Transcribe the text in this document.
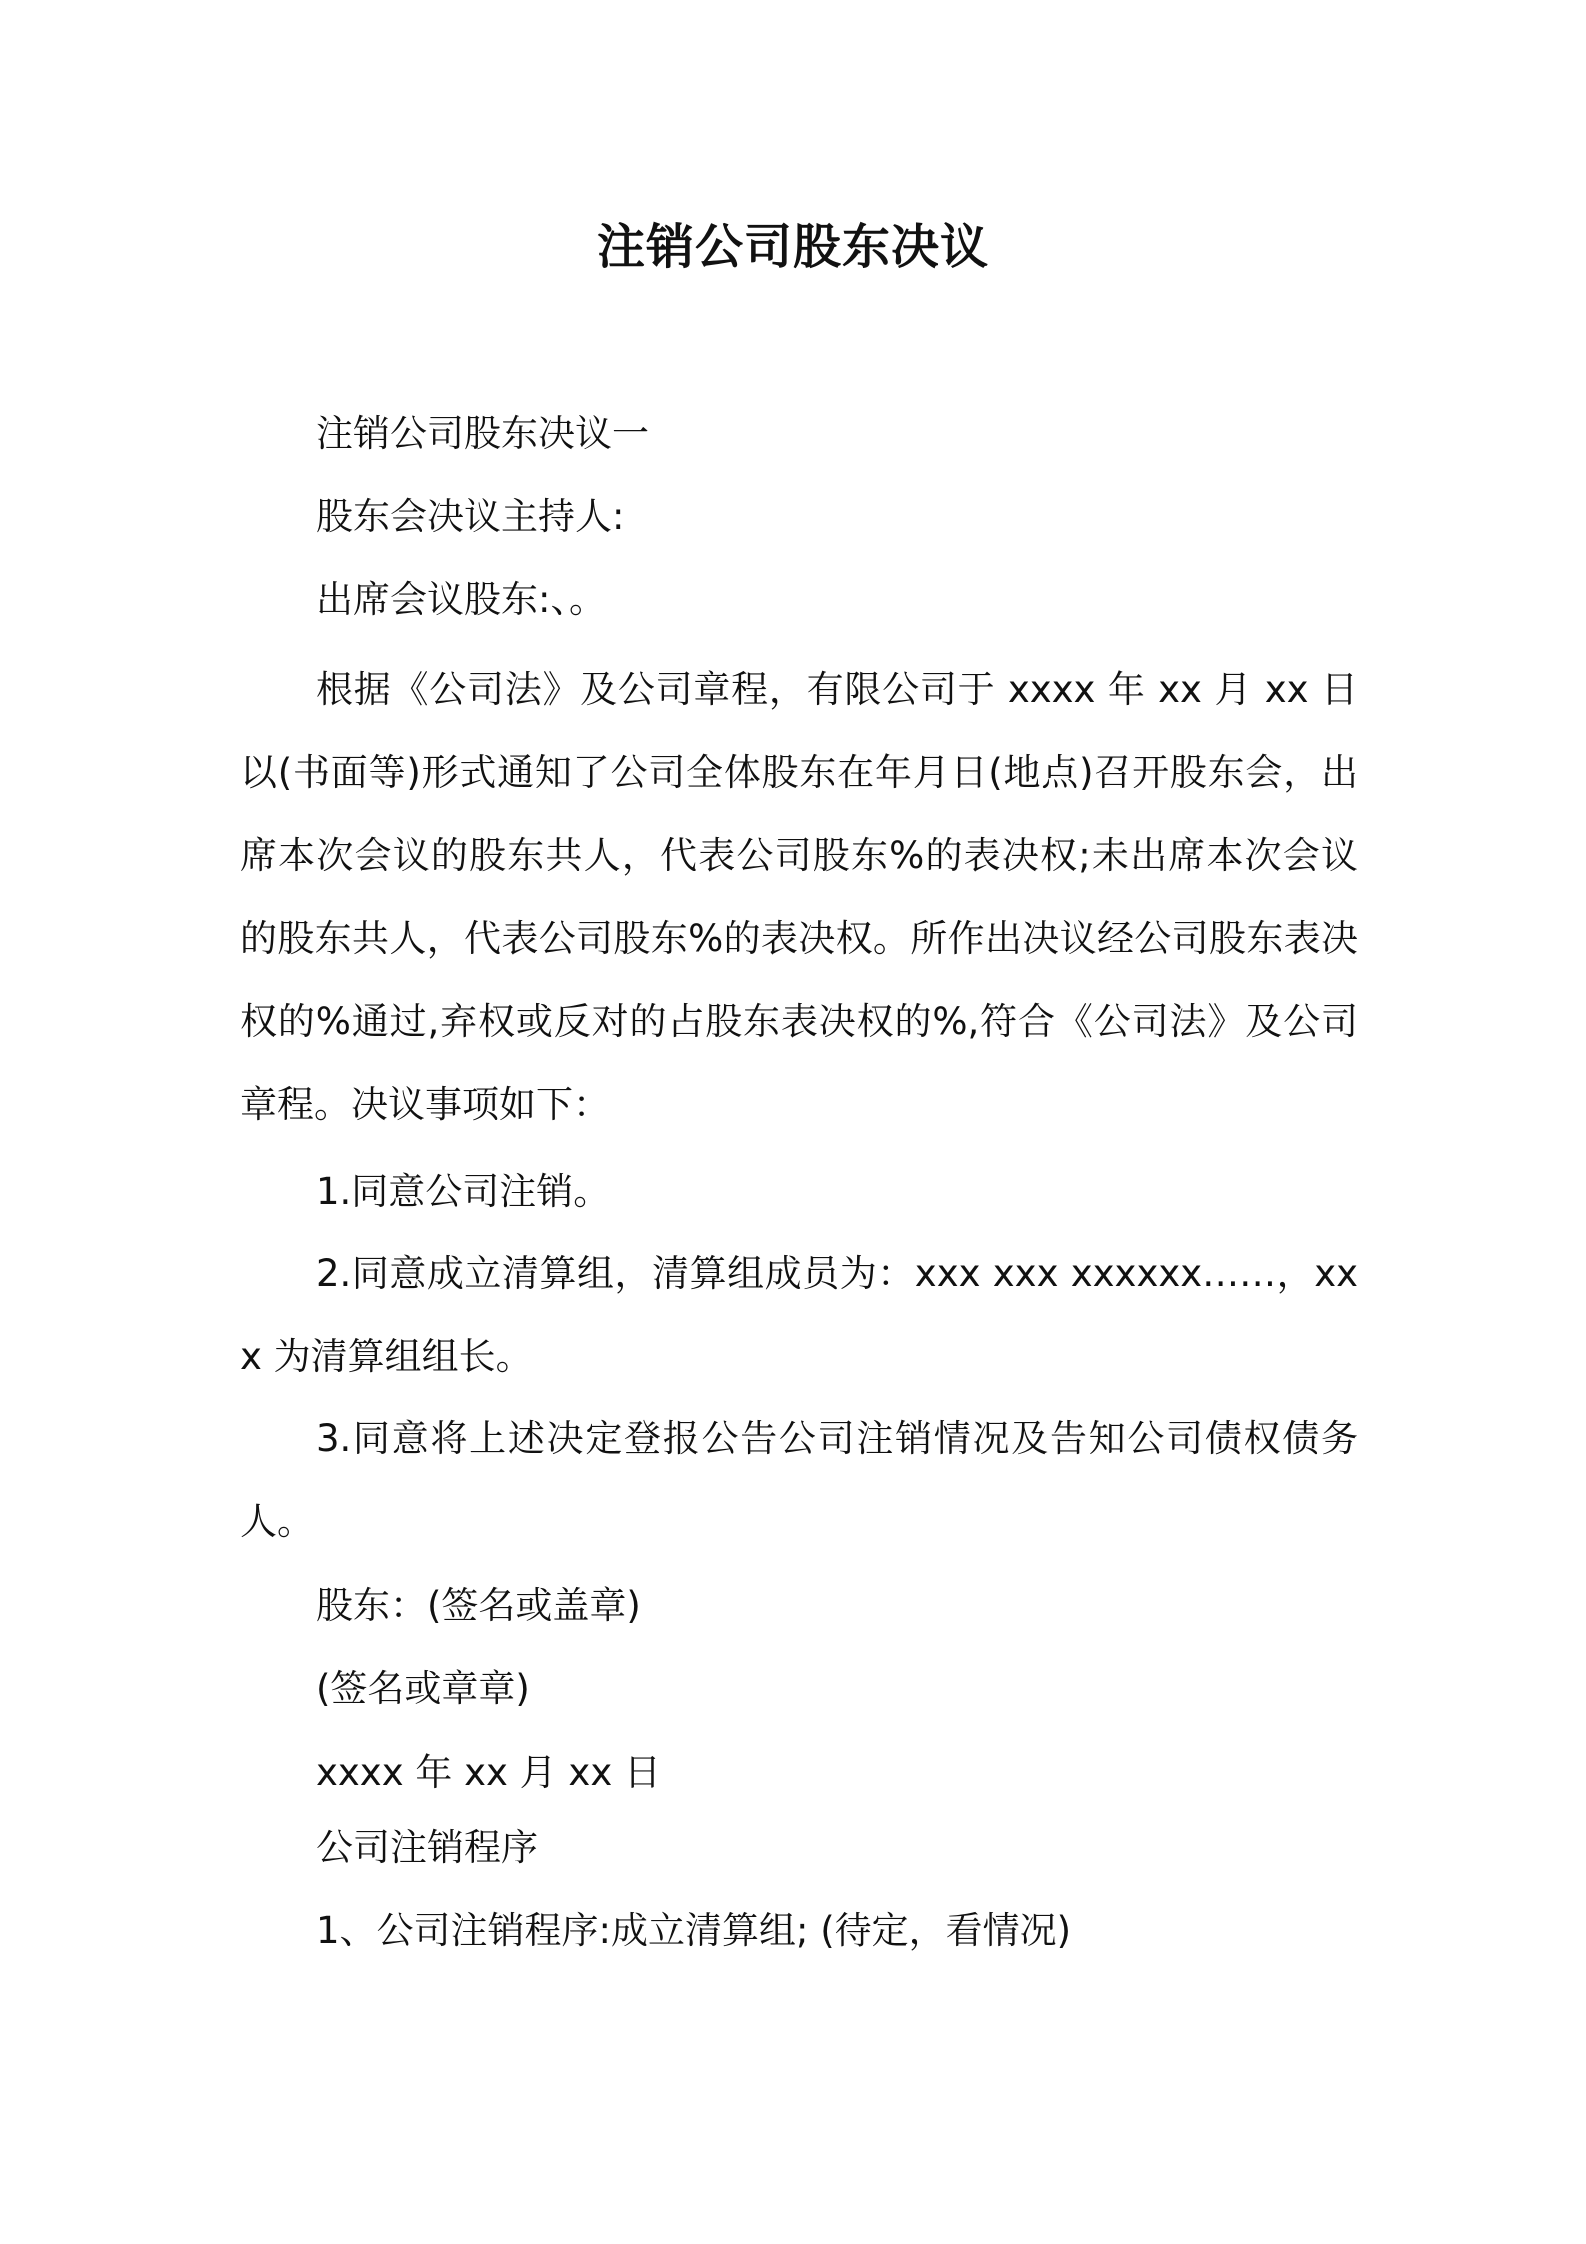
注销公司股东决议
注销公司股东决议一
股东会决议主持人:
出席会议股东:、。
根据《公司法》及公司章程，有限公司于 xxxx 年 xx 月 xx 日以(书面等)形式通知了公司全体股东在年月日(地点)召开股东会，出席本次会议的股东共人，代表公司股东%的表决权;未出席本次会议的股东共人，代表公司股东%的表决权。所作出决议经公司股东表决权的%通过,弃权或反对的占股东表决权的%,符合《公司法》及公司章程。决议事项如下：
1.同意公司注销。
2.同意成立清算组，清算组成员为：xxx xxx xxxxxx……，xxx 为清算组组长。
3.同意将上述决定登报公告公司注销情况及告知公司债权债务人。
股东：(签名或盖章)
(签名或章章)
xxxx 年 xx 月 xx 日
公司注销程序
1、公司注销程序:成立清算组; (待定，看情况)
